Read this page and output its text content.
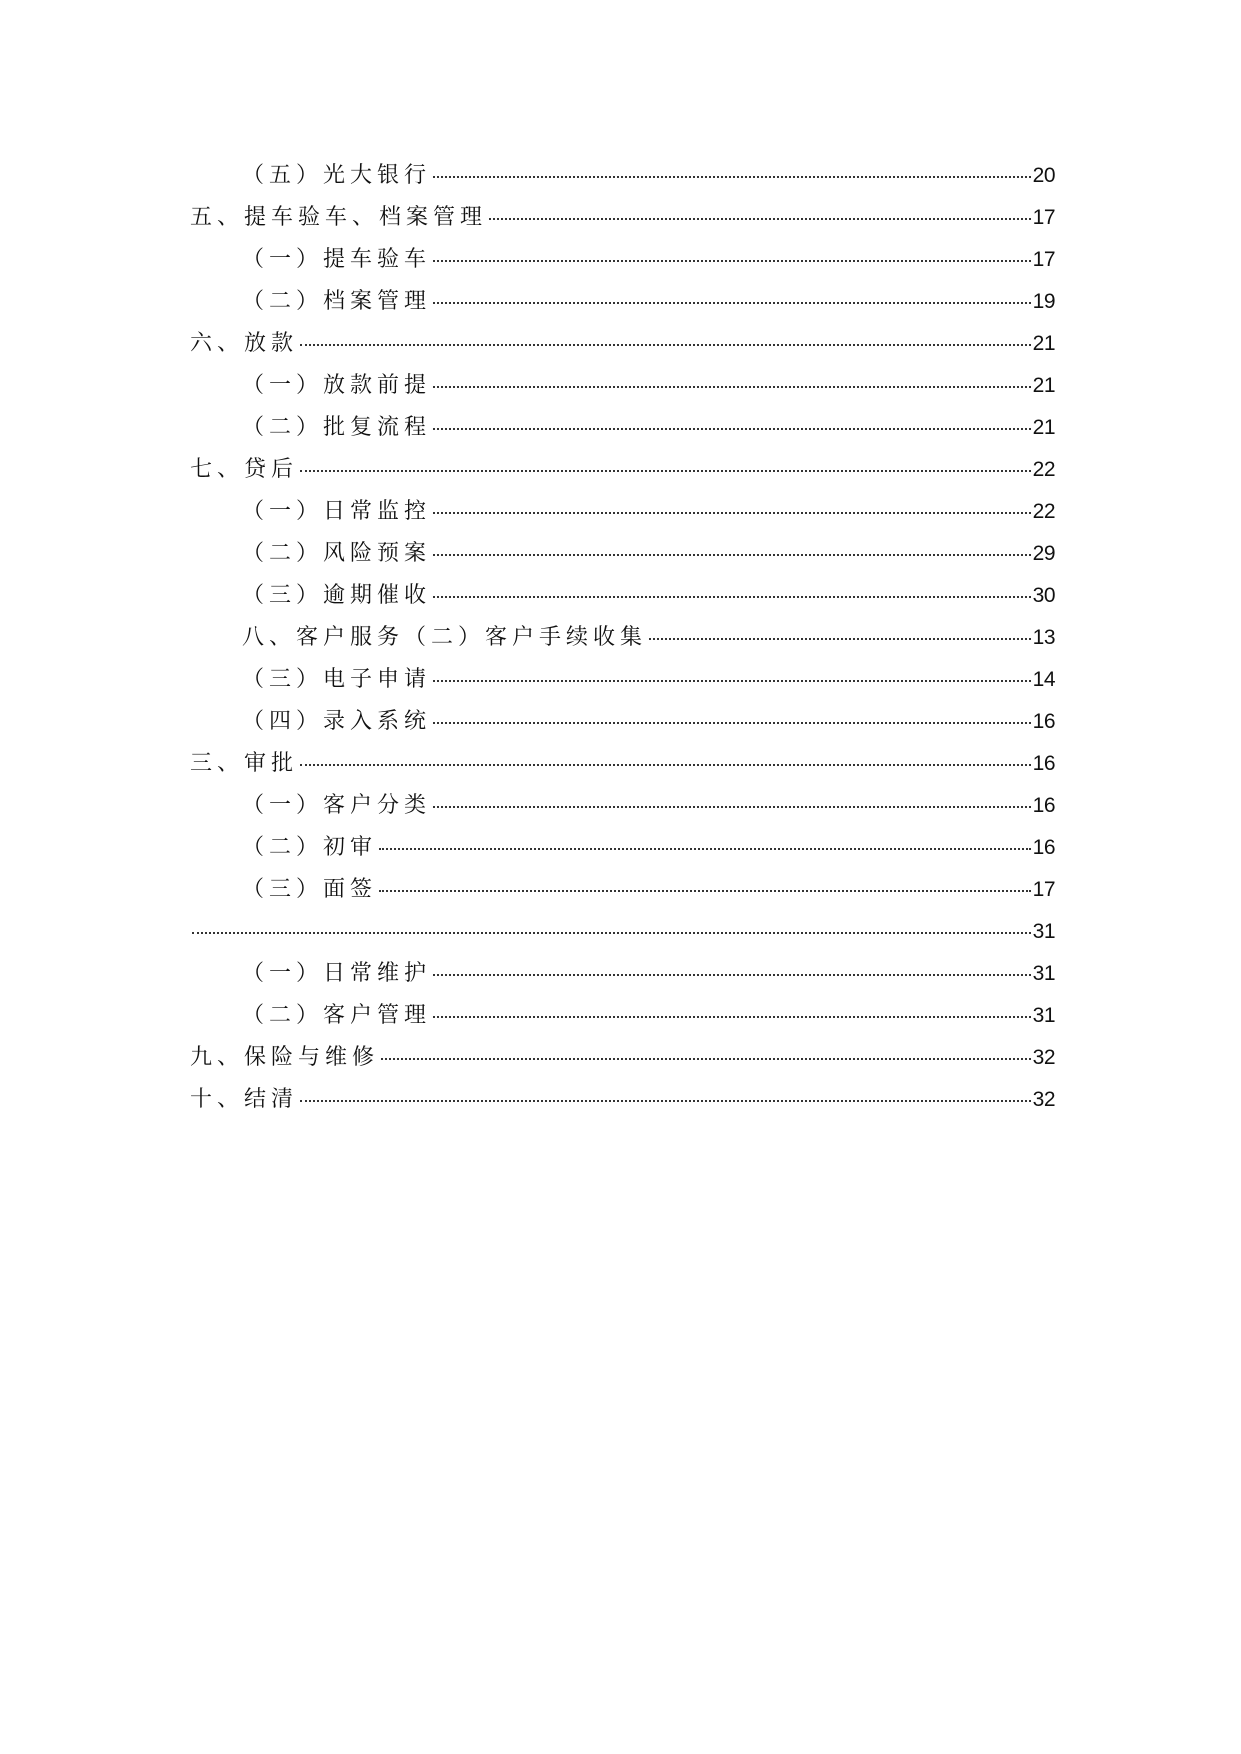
（五）光大银行	20
五、提车验车、档案管理	17
（一）提车验车	17
（二）档案管理	19
六、放款	21
（一）放款前提	21
（二）批复流程	21
七、贷后	22
（一）日常监控	22
（二）风险预案	29
（三）逾期催收	30
八、客户服务（二）客户手续收集	13
（三）电子申请	14
（四）录入系统	16
三、审批	16
（一）客户分类	16
（二）初审	16
（三）面签	17
31
（一）日常维护	31
（二）客户管理	31
九、保险与维修	32
十、结清	32
